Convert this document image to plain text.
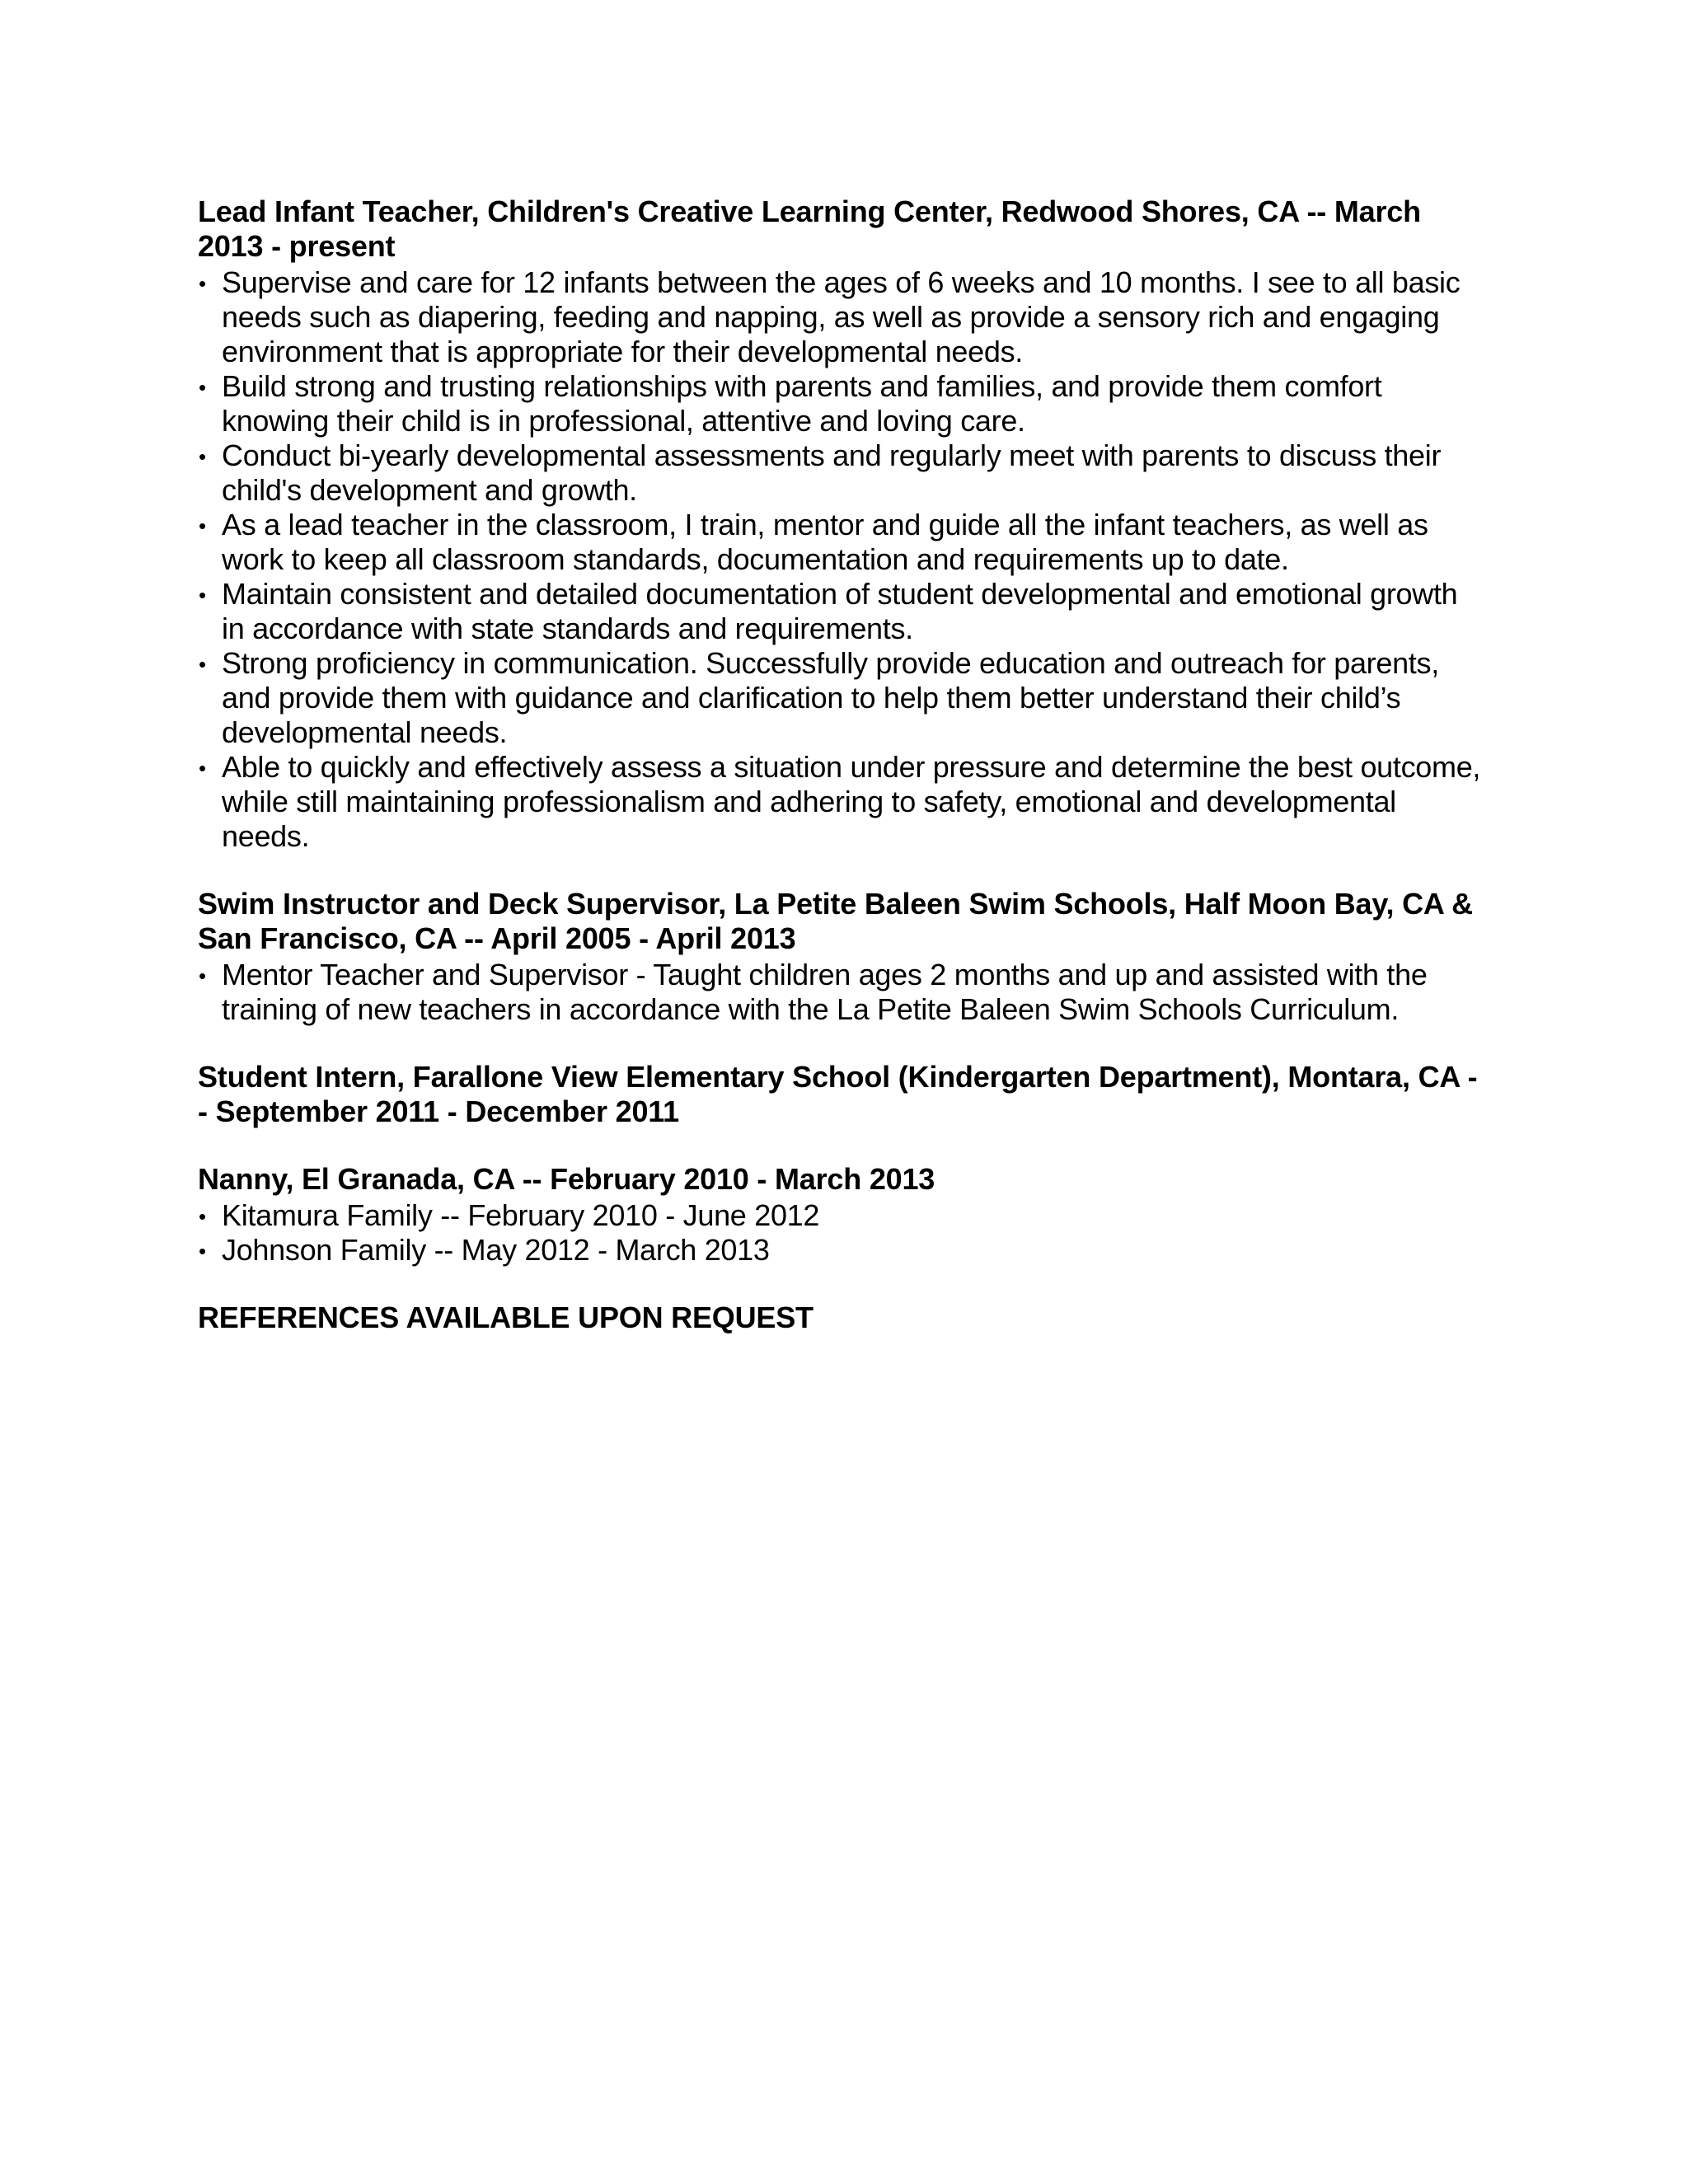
Lead Infant Teacher, Children's Creative Learning Center, Redwood Shores, CA -- March 2013 - present

• Supervise and care for 12 infants between the ages of 6 weeks and 10 months. I see to all basic needs such as diapering, feeding and napping, as well as provide a sensory rich and engaging environment that is appropriate for their developmental needs.
• Build strong and trusting relationships with parents and families, and provide them comfort knowing their child is in professional, attentive and loving care.
• Conduct bi-yearly developmental assessments and regularly meet with parents to discuss their child's development and growth.
• As a lead teacher in the classroom, I train, mentor and guide all the infant teachers, as well as work to keep all classroom standards, documentation and requirements up to date.
• Maintain consistent and detailed documentation of student developmental and emotional growth in accordance with state standards and requirements.
• Strong proficiency in communication. Successfully provide education and outreach for parents, and provide them with guidance and clarification to help them better understand their child’s developmental needs.
• Able to quickly and effectively assess a situation under pressure and determine the best outcome, while still maintaining professionalism and adhering to safety, emotional and developmental needs.

Swim Instructor and Deck Supervisor, La Petite Baleen Swim Schools, Half Moon Bay, CA & San Francisco, CA -- April 2005 - April 2013

• Mentor Teacher and Supervisor - Taught children ages 2 months and up and assisted with the training of new teachers in accordance with the La Petite Baleen Swim Schools Curriculum.

Student Intern, Farallone View Elementary School (Kindergarten Department), Montara, CA -- September 2011 - December 2011

Nanny, El Granada, CA -- February 2010 - March 2013

• Kitamura Family -- February 2010 - June 2012
• Johnson Family -- May 2012 - March 2013

REFERENCES AVAILABLE UPON REQUEST
